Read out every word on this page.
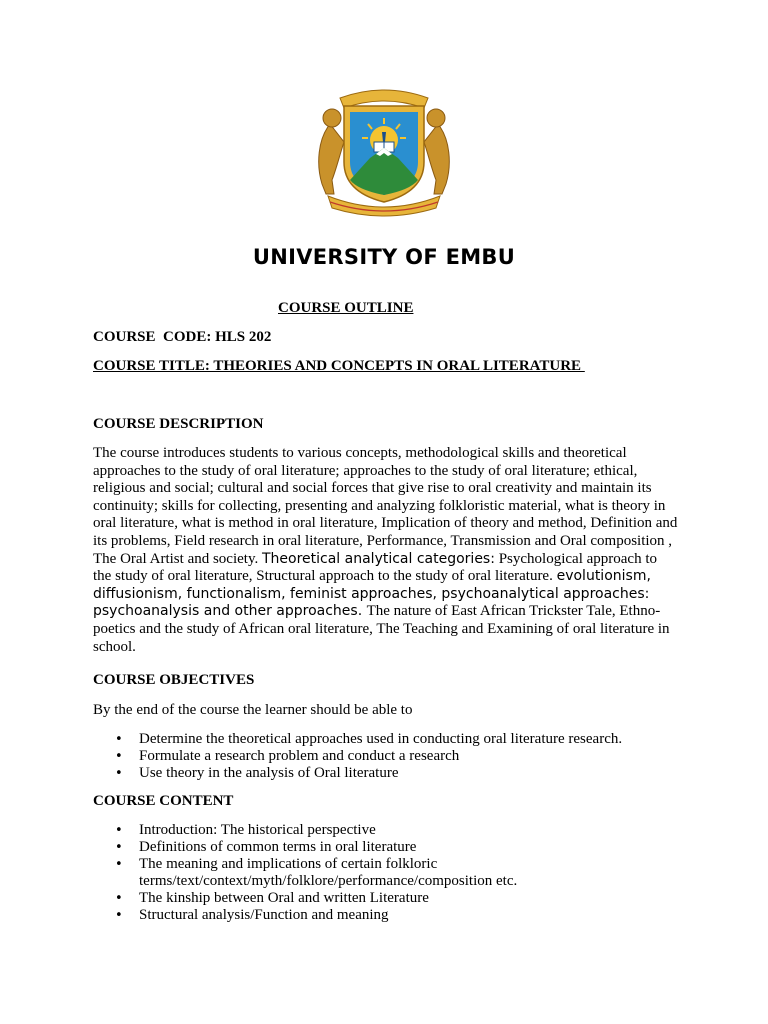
UNIVERSITY OF EMBU
COURSE OUTLINE
COURSE  CODE: HLS 202
COURSE TITLE: THEORIES AND CONCEPTS IN ORAL LITERATURE
COURSE DESCRIPTION
The course introduces students to various concepts, methodological skills and theoretical approaches to the study of oral literature; approaches to the study of oral literature; ethical, religious and social; cultural and social forces that give rise to oral creativity and maintain its continuity; skills for collecting, presenting and analyzing folkloristic material, what is theory in oral literature, what is method in oral literature, Implication of theory and method, Definition and its problems, Field research in oral literature, Performance, Transmission and Oral composition , The Oral Artist and society. Theoretical analytical categories: Psychological approach to the study of oral literature, Structural approach to the study of oral literature. evolutionism, diffusionism, functionalism, feminist approaches, psychoanalytical approaches: psychoanalysis and other approaches. The nature of East African Trickster Tale, Ethno-poetics and the study of African oral literature, The Teaching and Examining of oral literature in school.
COURSE OBJECTIVES
By the end of the course the learner should be able to
• Determine the theoretical approaches used in conducting oral literature research.
• Formulate a research problem and conduct a research
• Use theory in the analysis of Oral literature
COURSE CONTENT
• Introduction: The historical perspective
• Definitions of common terms in oral literature
• The meaning and implications of certain folkloric terms/text/context/myth/folklore/performance/composition etc.
• The kinship between Oral and written Literature
• Structural analysis/Function and meaning
